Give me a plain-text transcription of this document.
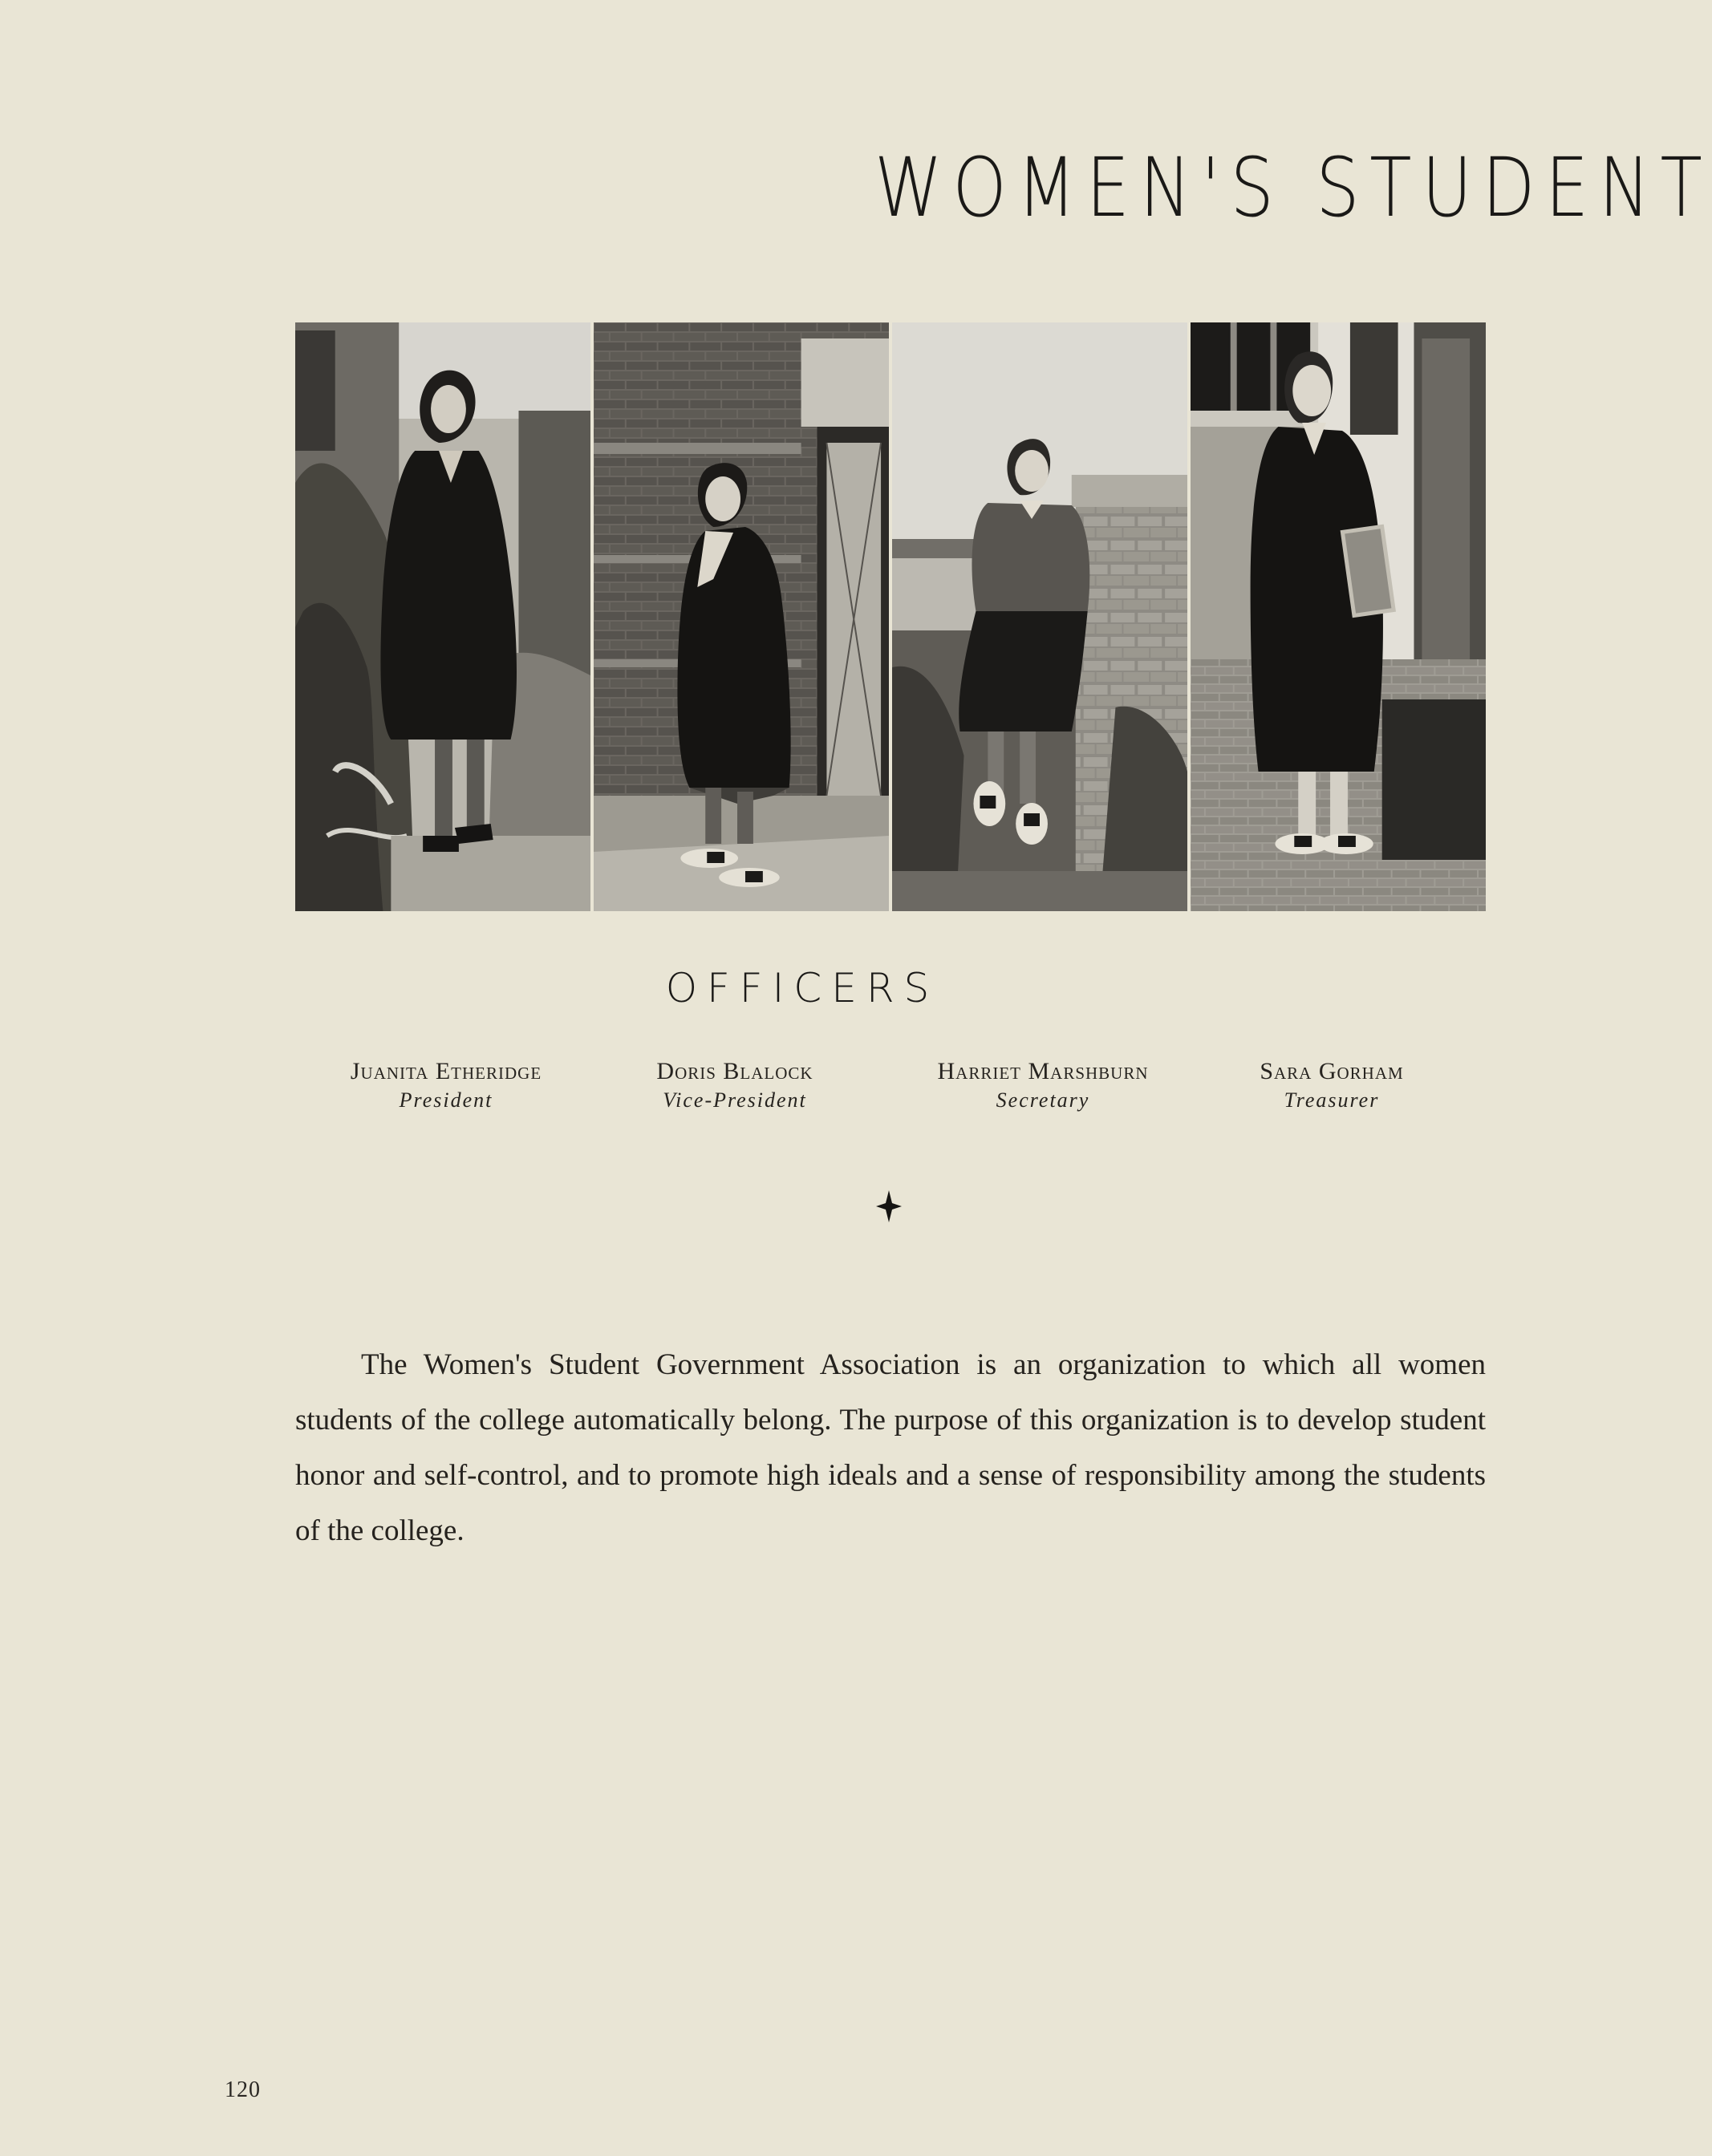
WOMEN'S STUDENT
OFFICERS
Juanita Etheridge
President
Doris Blalock
Vice-President
Harriet Marshburn
Secretary
Sara Gorham
Treasurer

The Women's Student Government Association is an organization to which all women students of the college automatically belong. The purpose of this organization is to develop student honor and self-control, and to promote high ideals and a sense of responsibility among the students of the college.

120
